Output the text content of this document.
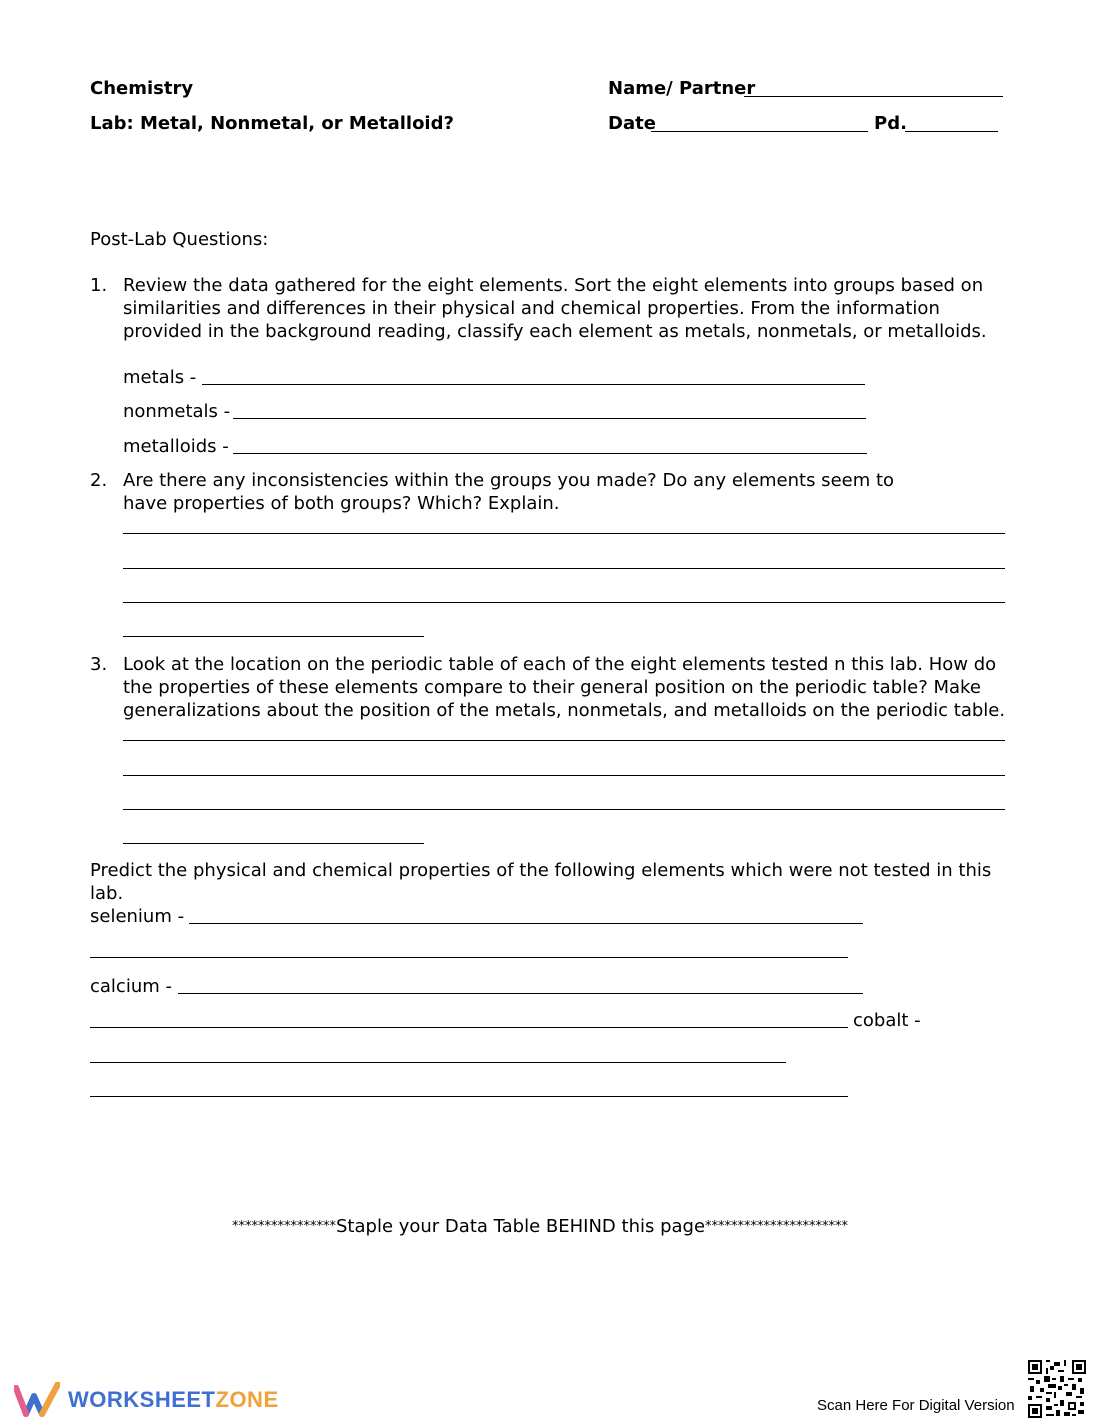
Chemistry
Lab: Metal, Nonmetal, or Metalloid?
Name/ Partner
Date	Pd.
Post-Lab Questions:
1. Review the data gathered for the eight elements. Sort the eight elements into groups based on similarities and differences in their physical and chemical properties. From the information provided in the background reading, classify each element as metals, nonmetals, or metalloids.
metals -
nonmetals -
metalloids -
2. Are there any inconsistencies within the groups you made? Do any elements seem to have properties of both groups? Which? Explain.
3. Look at the location on the periodic table of each of the eight elements tested n this lab. How do the properties of these elements compare to their general position on the periodic table? Make generalizations about the position of the metals, nonmetals, and metalloids on the periodic table.
Predict the physical and chemical properties of the following elements which were not tested in this lab.
selenium -
calcium -
cobalt -
****************Staple your Data Table BEHIND this page**********************
WORKSHEETZONE	Scan Here For Digital Version
